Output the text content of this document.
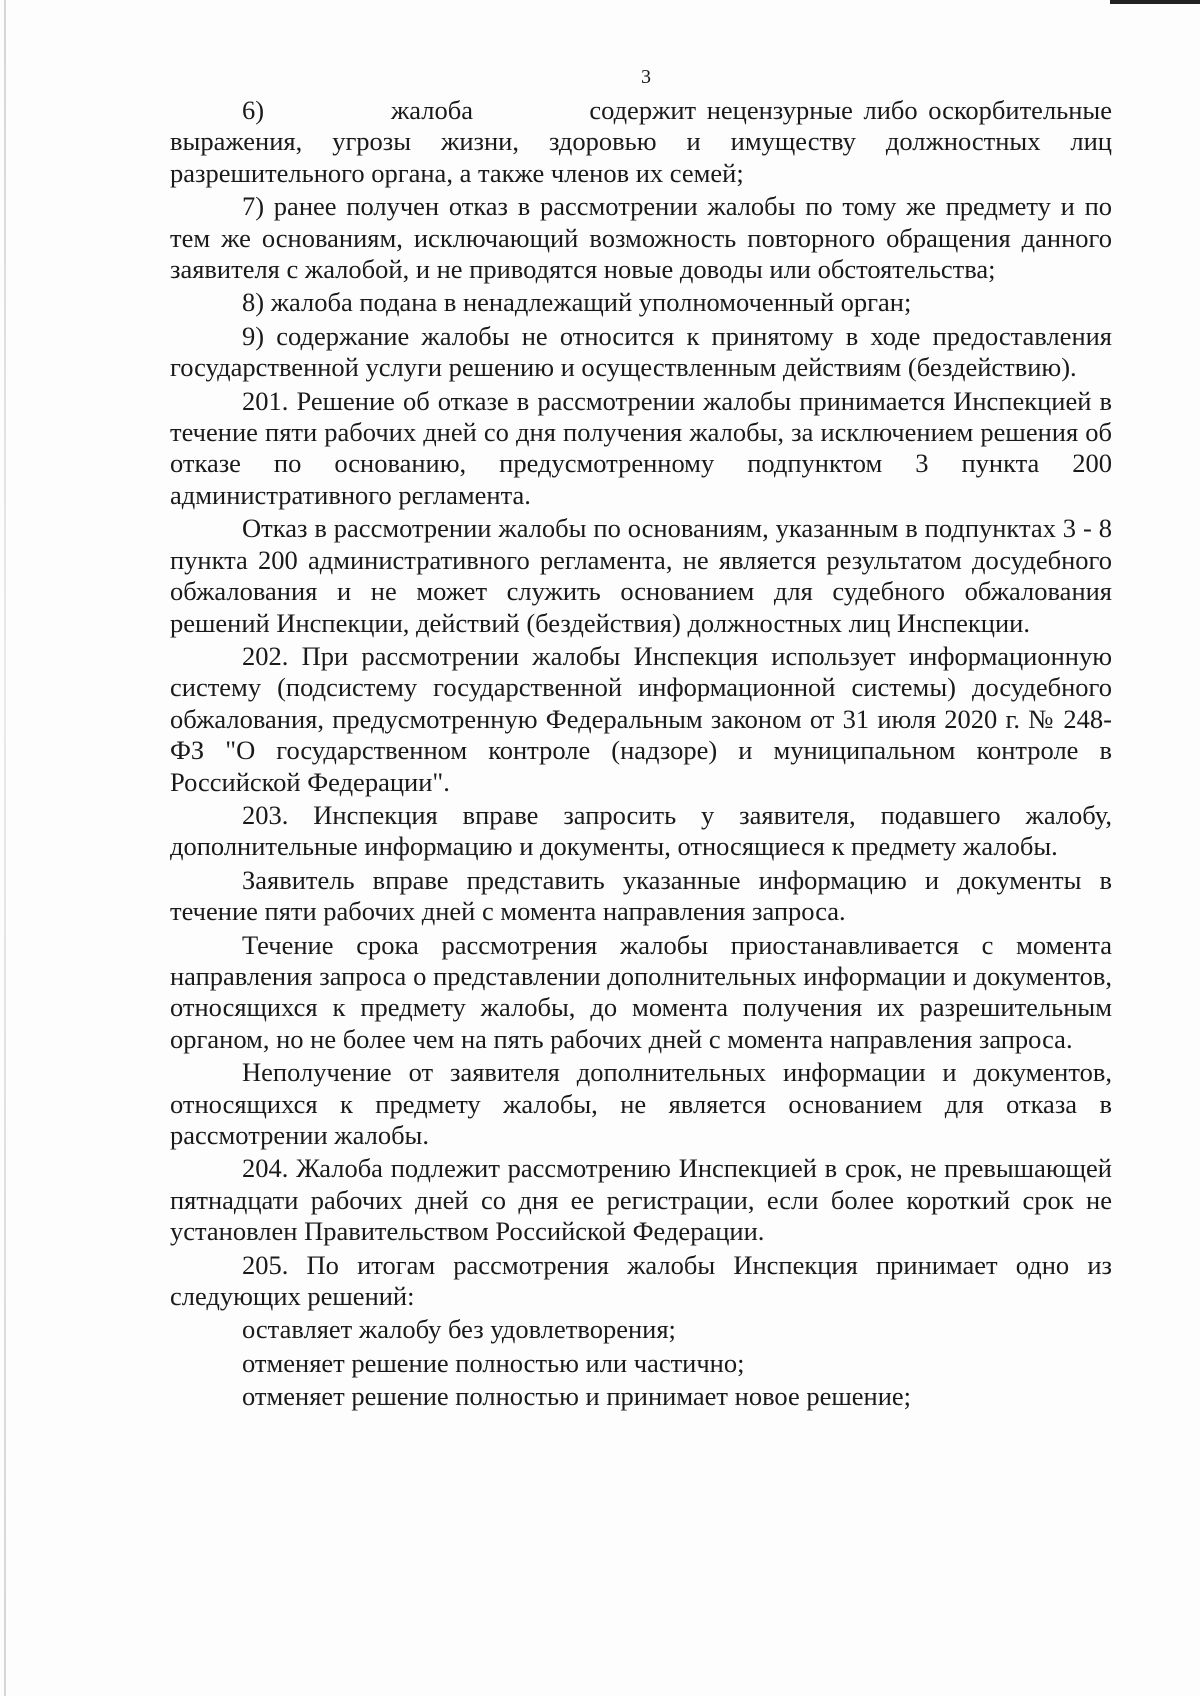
3

6)            жалоба           содержит нецензурные либо оскорбительные выражения, угрозы жизни, здоровью и имуществу должностных лиц разрешительного органа, а также членов их семей;

7) ранее получен отказ в рассмотрении жалобы по тому же предмету и по тем же основаниям, исключающий возможность повторного обращения данного заявителя с жалобой, и не приводятся новые доводы или обстоятельства;

8) жалоба подана в ненадлежащий уполномоченный орган;

9) содержание жалобы не относится к принятому в ходе предоставления государственной услуги решению и осуществленным действиям (бездействию).

201. Решение об отказе в рассмотрении жалобы принимается Инспекцией в течение пяти рабочих дней со дня получения жалобы, за исключением решения об отказе по основанию, предусмотренному подпунктом 3 пункта 200 административного регламента.

Отказ в рассмотрении жалобы по основаниям, указанным в подпунктах 3 - 8 пункта 200 административного регламента, не является результатом досудебного обжалования и не может служить основанием для судебного обжалования решений Инспекции, действий (бездействия) должностных лиц Инспекции.

202. При рассмотрении жалобы Инспекция использует информационную систему (подсистему государственной информационной системы) досудебного обжалования, предусмотренную Федеральным законом от 31 июля 2020 г. № 248-ФЗ "О государственном контроле (надзоре) и муниципальном контроле в Российской Федерации".

203. Инспекция вправе запросить у заявителя, подавшего жалобу, дополнительные информацию и документы, относящиеся к предмету жалобы.

Заявитель вправе представить указанные информацию и документы в течение пяти рабочих дней с момента направления запроса.

Течение срока рассмотрения жалобы приостанавливается с момента направления запроса о представлении дополнительных информации и документов, относящихся к предмету жалобы, до момента получения их разрешительным органом, но не более чем на пять рабочих дней с момента направления запроса.

Неполучение от заявителя дополнительных информации и документов, относящихся к предмету жалобы, не является основанием для отказа в рассмотрении жалобы.

204. Жалоба подлежит рассмотрению Инспекцией в срок, не превышающей пятнадцати рабочих дней со дня ее регистрации, если более короткий срок не установлен Правительством Российской Федерации.

205. По итогам рассмотрения жалобы Инспекция принимает одно из следующих решений:

оставляет жалобу без удовлетворения;

отменяет решение полностью или частично;

отменяет решение полностью и принимает новое решение;
